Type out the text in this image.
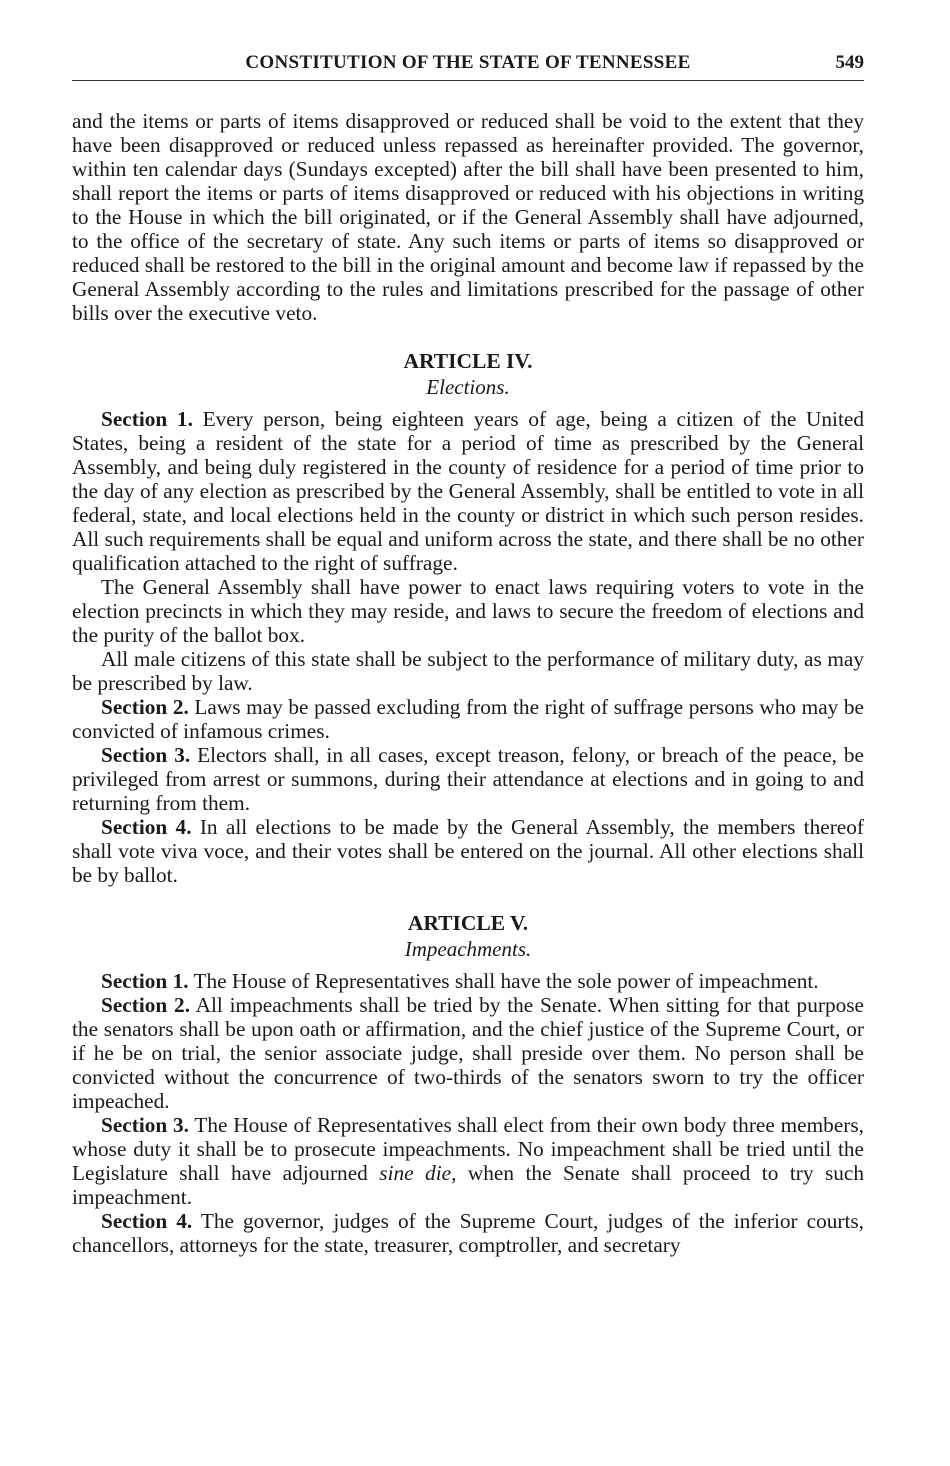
CONSTITUTION OF THE STATE OF TENNESSEE	549

and the items or parts of items disapproved or reduced shall be void to the extent that they have been disapproved or reduced unless repassed as hereinafter provided. The governor, within ten calendar days (Sundays excepted) after the bill shall have been presented to him, shall report the items or parts of items disapproved or reduced with his objections in writing to the House in which the bill originated, or if the General Assembly shall have adjourned, to the office of the secretary of state. Any such items or parts of items so disapproved or reduced shall be restored to the bill in the original amount and become law if repassed by the General Assembly according to the rules and limitations prescribed for the passage of other bills over the executive veto.

ARTICLE IV.
Elections.

Section 1. Every person, being eighteen years of age, being a citizen of the United States, being a resident of the state for a period of time as prescribed by the General Assembly, and being duly registered in the county of residence for a period of time prior to the day of any election as prescribed by the General Assembly, shall be entitled to vote in all federal, state, and local elections held in the county or district in which such person resides. All such requirements shall be equal and uniform across the state, and there shall be no other qualification attached to the right of suffrage.

The General Assembly shall have power to enact laws requiring voters to vote in the election precincts in which they may reside, and laws to secure the freedom of elections and the purity of the ballot box.

All male citizens of this state shall be subject to the performance of military duty, as may be prescribed by law.

Section 2. Laws may be passed excluding from the right of suffrage persons who may be convicted of infamous crimes.

Section 3. Electors shall, in all cases, except treason, felony, or breach of the peace, be privileged from arrest or summons, during their attendance at elections and in going to and returning from them.

Section 4. In all elections to be made by the General Assembly, the members thereof shall vote viva voce, and their votes shall be entered on the journal. All other elections shall be by ballot.

ARTICLE V.
Impeachments.

Section 1. The House of Representatives shall have the sole power of impeachment.

Section 2. All impeachments shall be tried by the Senate. When sitting for that purpose the senators shall be upon oath or affirmation, and the chief justice of the Supreme Court, or if he be on trial, the senior associate judge, shall preside over them. No person shall be convicted without the concurrence of two-thirds of the senators sworn to try the officer impeached.

Section 3. The House of Representatives shall elect from their own body three members, whose duty it shall be to prosecute impeachments. No impeachment shall be tried until the Legislature shall have adjourned sine die, when the Senate shall proceed to try such impeachment.

Section 4. The governor, judges of the Supreme Court, judges of the inferior courts, chancellors, attorneys for the state, treasurer, comptroller, and secretary
